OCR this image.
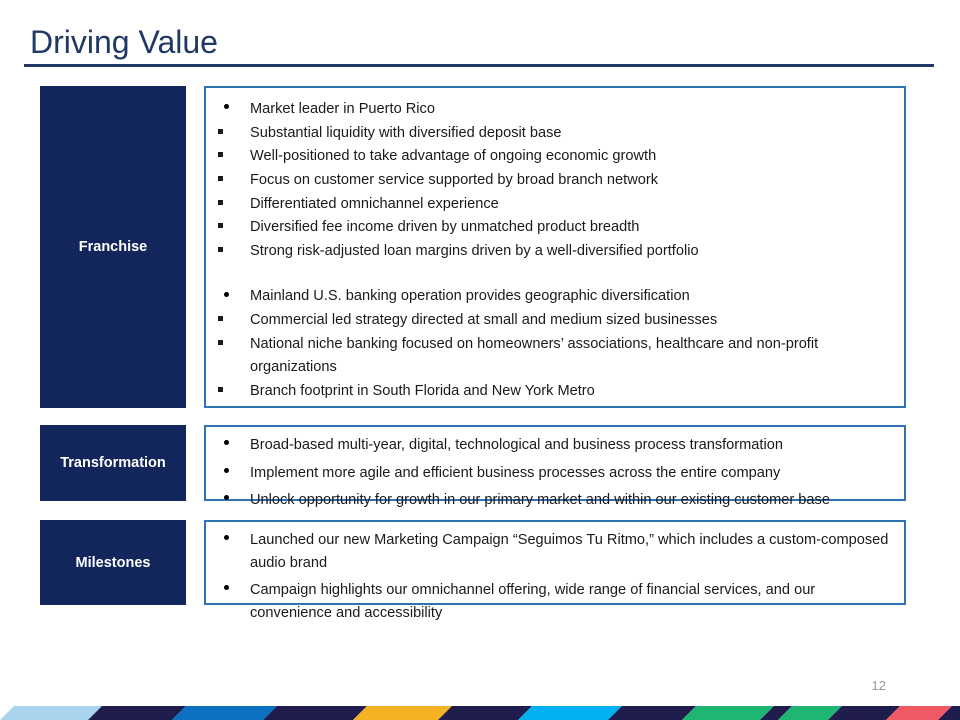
Driving Value
Franchise
Market leader in Puerto Rico
Substantial liquidity with diversified deposit base
Well-positioned to take advantage of ongoing economic growth
Focus on customer service supported by broad branch network
Differentiated omnichannel experience
Diversified fee income driven by unmatched product breadth
Strong risk-adjusted loan margins driven by a well-diversified portfolio
Mainland U.S. banking operation provides geographic diversification
Commercial led strategy directed at small and medium sized businesses
National niche banking focused on homeowners’ associations, healthcare and non-profit organizations
Branch footprint in South Florida and New York Metro
Transformation
Broad-based multi-year, digital, technological and business process transformation
Implement more agile and efficient business processes across the entire company
Unlock opportunity for growth in our primary market and within our existing customer base
Milestones
Launched our new Marketing Campaign “Seguimos Tu Ritmo,” which includes a custom-composed audio brand
Campaign highlights our omnichannel offering, wide range of financial services, and our convenience and accessibility
12
